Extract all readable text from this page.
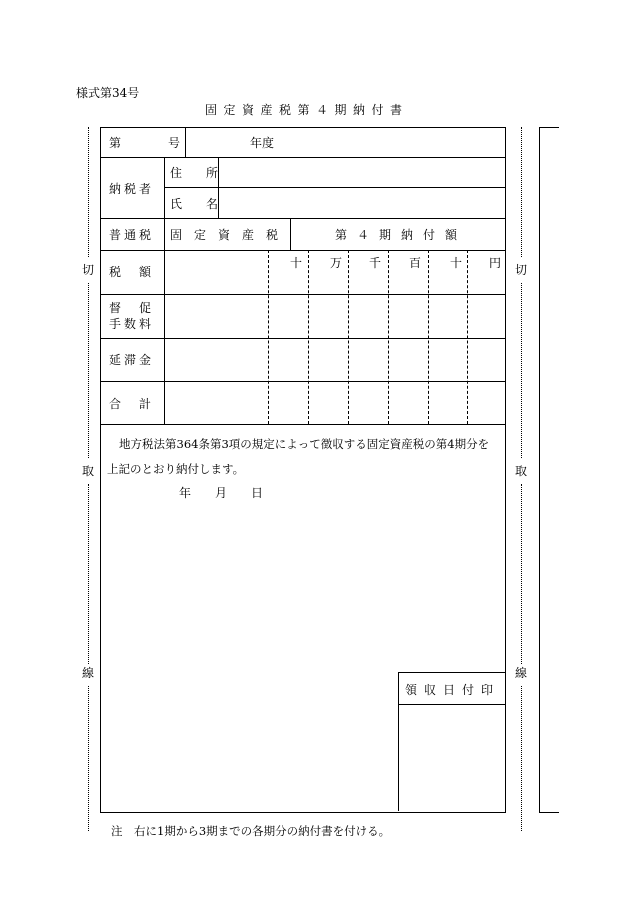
様式第34号
固定資産税第４期納付書
切
取
線
切
取
線
第	号	年度
納税者
住　所
氏　名
普通税 固定資産税	第４期納付額
十 万 千 百 十 円
税　額
督　促
手数料
延滞金
合　計
地方税法第364条第3項の規定によって徴収する固定資産税の第4期分を
上記のとおり納付します。
年　　月　　日
領収日付印
注　右に1期から3期までの各期分の納付書を付ける。
